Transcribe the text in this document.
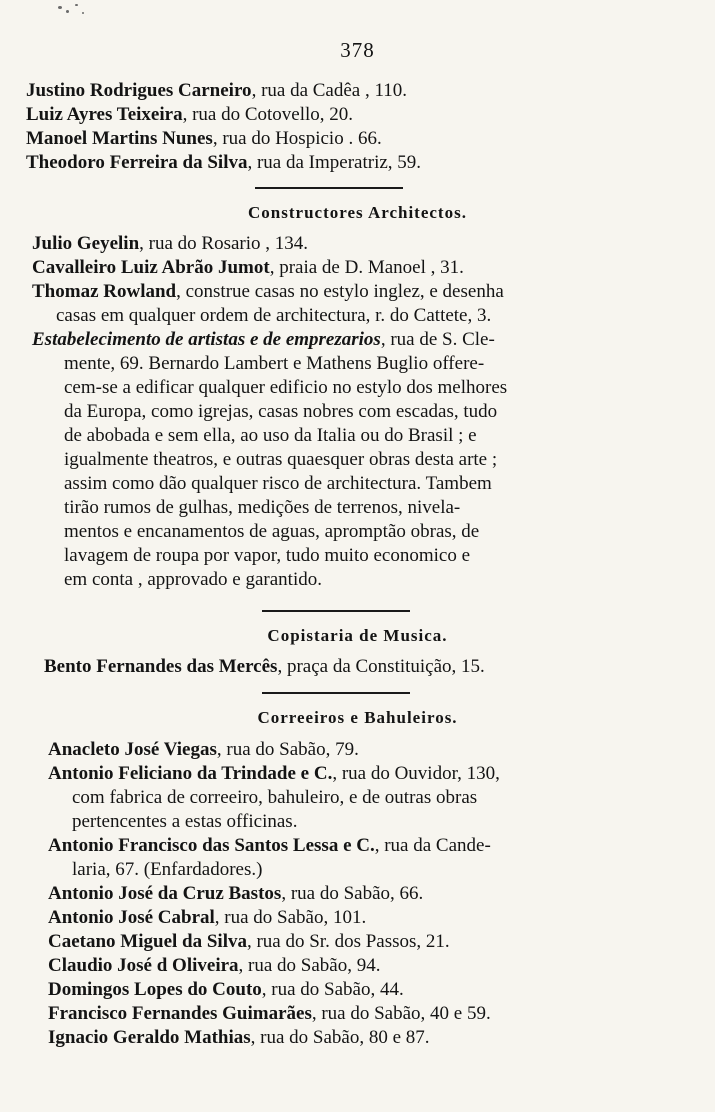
378
Justino Rodrigues Carneiro, rua da Cadêa , 110.
Luiz Ayres Teixeira, rua do Cotovello, 20.
Manoel Martins Nunes, rua do Hospicio . 66.
Theodoro Ferreira da Silva, rua da Imperatriz, 59.
Constructores Architectos.
Julio Geyelin, rua do Rosario , 134.
Cavalleiro Luiz Abrão Jumot, praia de D. Manoel , 31.
Thomaz Rowland, construe casas no estylo inglez, e desenha
casas em qualquer ordem de architectura, r. do Cattete, 3.
Estabelecimento de artistas e de emprezarios, rua de S. Cle-
mente, 69. Bernardo Lambert e Mathens Buglio offere-
cem-se a edificar qualquer edificio no estylo dos melhores
da Europa, como igrejas, casas nobres com escadas, tudo
de abobada e sem ella, ao uso da Italia ou do Brasil ; e
igualmente theatros, e outras quaesquer obras desta arte ;
assim como dão qualquer risco de architectura. Tambem
tirão rumos de gulhas, medições de terrenos, nivela-
mentos e encanamentos de aguas, apromptão obras, de
lavagem de roupa por vapor, tudo muito economico e
em conta , approvado e garantido.
Copistaria de Musica.
Bento Fernandes das Mercês, praça da Constituição, 15.
Correeiros e Bahuleiros.
Anacleto José Viegas, rua do Sabão, 79.
Antonio Feliciano da Trindade e C., rua do Ouvidor, 130,
com fabrica de correeiro, bahuleiro, e de outras obras
pertencentes a estas officinas.
Antonio Francisco das Santos Lessa e C., rua da Cande-
laria, 67. (Enfardadores.)
Antonio José da Cruz Bastos, rua do Sabão, 66.
Antonio José Cabral, rua do Sabão, 101.
Caetano Miguel da Silva, rua do Sr. dos Passos, 21.
Claudio José d Oliveira, rua do Sabão, 94.
Domingos Lopes do Couto, rua do Sabão, 44.
Francisco Fernandes Guimarães, rua do Sabão, 40 e 59.
Ignacio Geraldo Mathias, rua do Sabão, 80 e 87.
